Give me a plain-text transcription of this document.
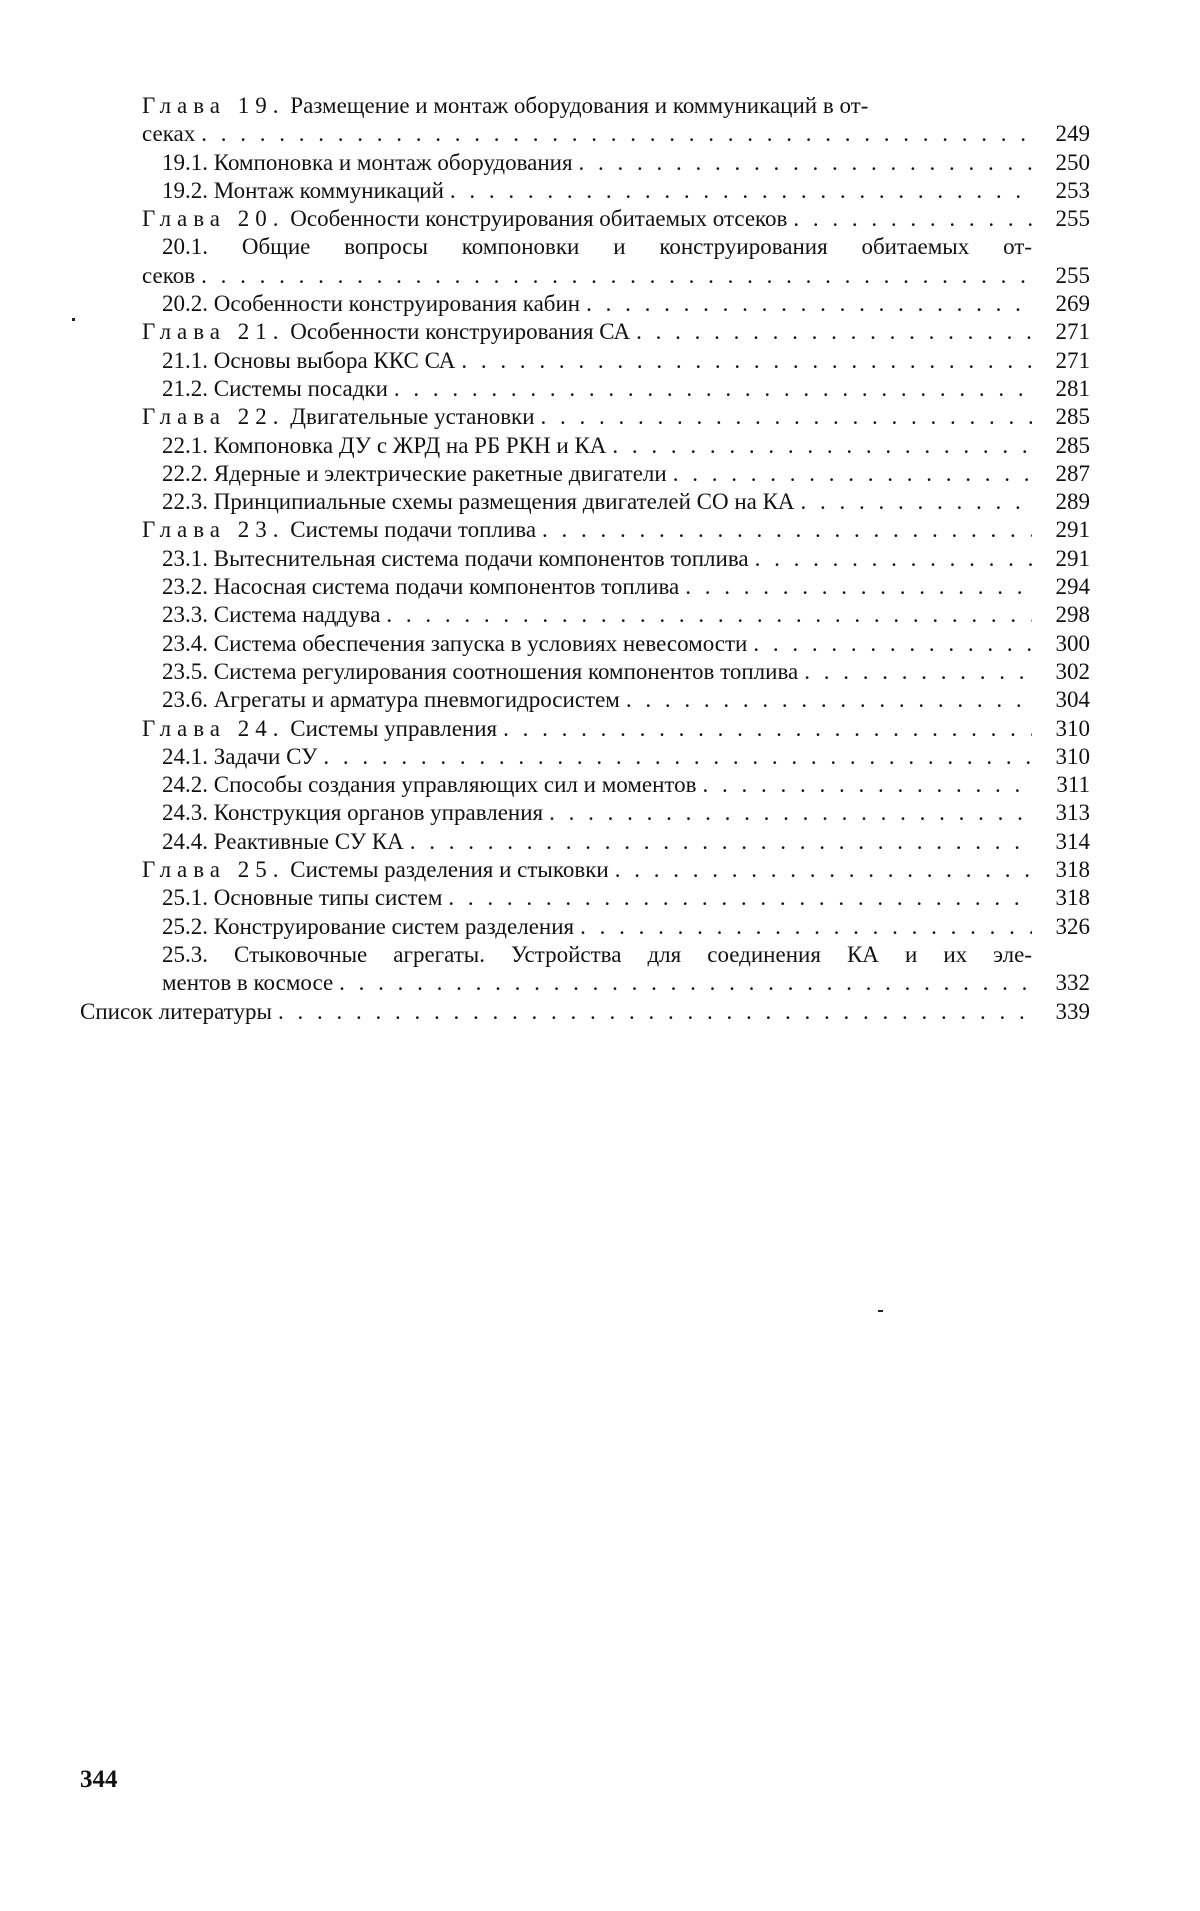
Глава 19. Размещение и монтаж оборудования и коммуникаций в от-
секах . . .	249
19.1. Компоновка и монтаж оборудования . . .	250
19.2. Монтаж коммуникаций . . .	253
Глава 20. Особенности конструирования обитаемых отсеков . . .	255
20.1. Общие вопросы компоновки и конструирования обитаемых от-
секов . . .	255
20.2. Особенности конструирования кабин . . .	269
Глава 21. Особенности конструирования СА . . .	271
21.1. Основы выбора ККС СА . . .	271
21.2. Системы посадки . . .	281
Глава 22. Двигательные установки . . .	285
22.1. Компоновка ДУ с ЖРД на РБ РКН и КА . . .	285
22.2. Ядерные и электрические ракетные двигатели . . .	287
22.3. Принципиальные схемы размещения двигателей СО на КА . . .	289
Глава 23. Системы подачи топлива . . .	291
23.1. Вытеснительная система подачи компонентов топлива . . .	291
23.2. Насосная система подачи компонентов топлива . . .	294
23.3. Система наддува . . .	298
23.4. Система обеспечения запуска в условиях невесомости . . .	300
23.5. Система регулирования соотношения компонентов топлива . . .	302
23.6. Агрегаты и арматура пневмогидросистем . . .	304
Глава 24. Системы управления . . .	310
24.1. Задачи СУ . . .	310
24.2. Способы создания управляющих сил и моментов . . .	311
24.3. Конструкция органов управления . . .	313
24.4. Реактивные СУ КА . . .	314
Глава 25. Системы разделения и стыковки . . .	318
25.1. Основные типы систем . . .	318
25.2. Конструирование систем разделения . . .	326
25.3. Стыковочные агрегаты. Устройства для соединения КА и их эле-
ментов в космосе . . .	332
Список литературы . . .	339
344
